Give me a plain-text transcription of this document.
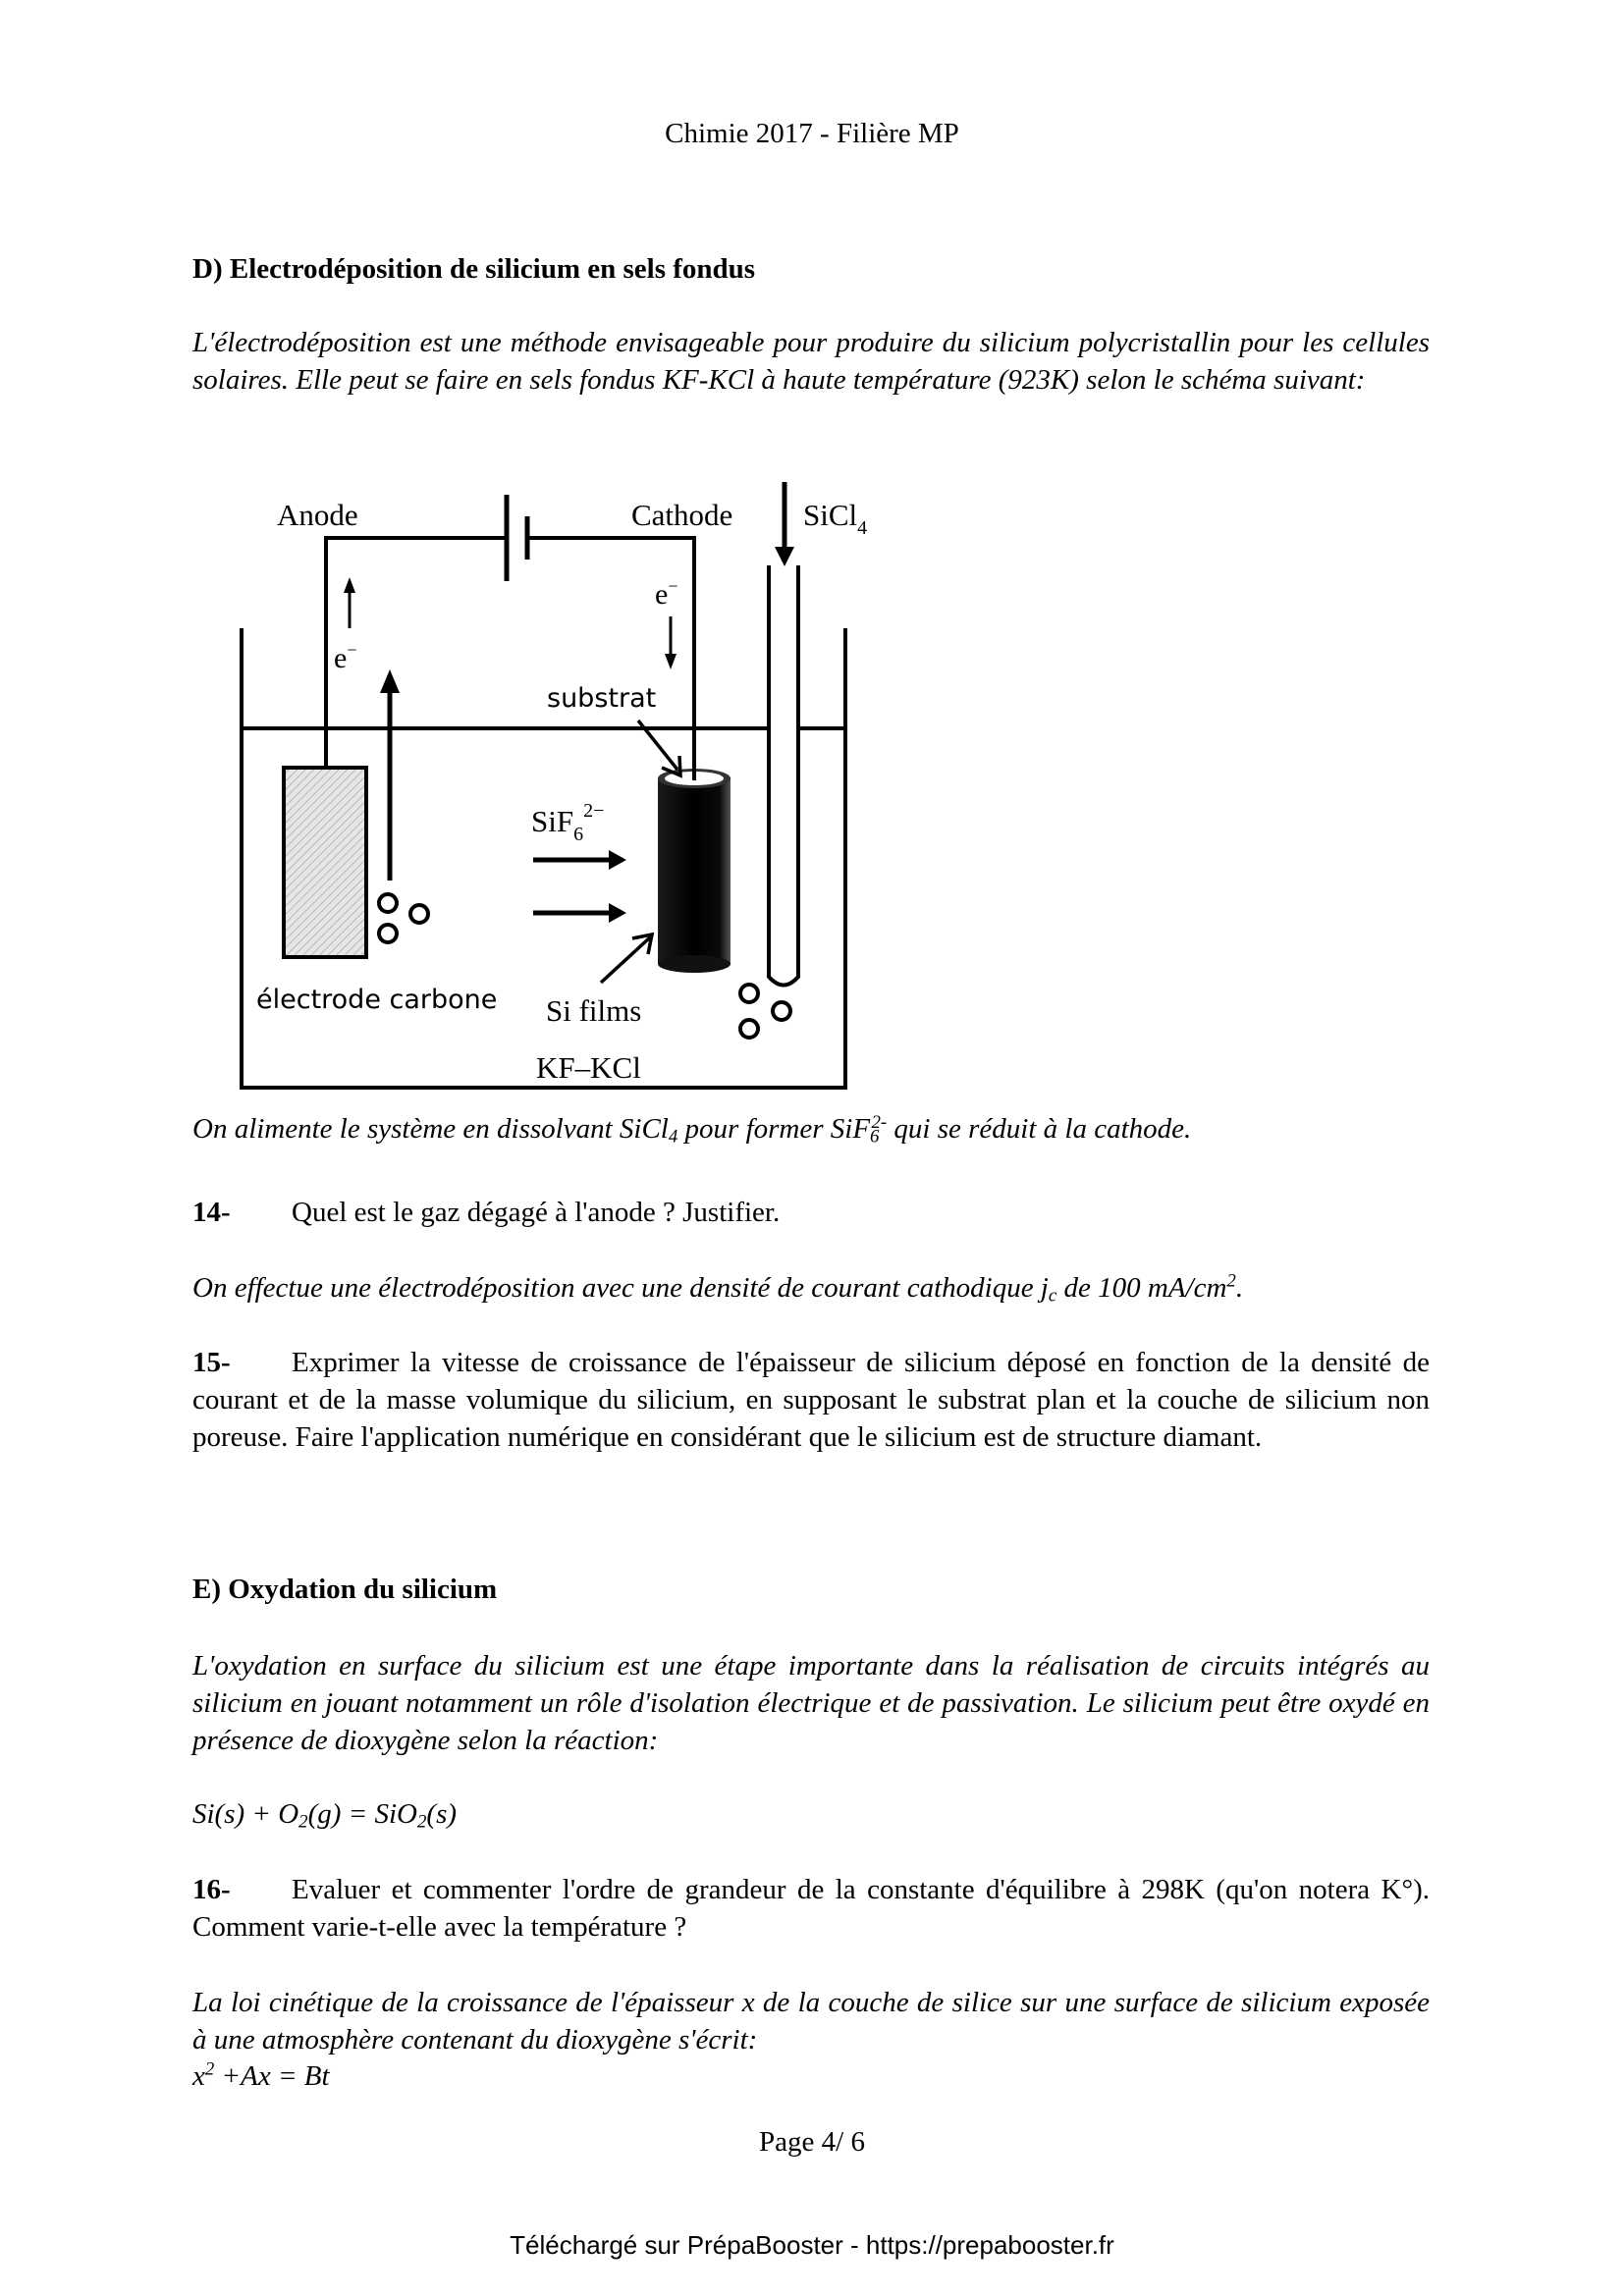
Chimie 2017 - Filière MP
D) Electrodéposition de silicium en sels fondus
L'électrodéposition est une méthode envisageable pour produire du silicium polycristallin pour les cellules solaires. Elle peut se faire en sels fondus KF-KCl à haute température (923K) selon le schéma suivant:
Anode	Cathode SiCl$_4$
e−
e−
substrat
SiF$_6^{2-}$
électrode carbone Si films
KF–KCl
On alimente le système en dissolvant SiCl$_4$ pour former SiF$_6^{2-}$ qui se réduit à la cathode.
14- Quel est le gaz dégagé à l'anode ? Justifier.
On effectue une électrodéposition avec une densité de courant cathodique $j_c$ de 100 $mA/cm^2$.
15- Exprimer la vitesse de croissance de l'épaisseur de silicium déposé en fonction de la densité de courant et de la masse volumique du silicium, en supposant le substrat plan et la couche de silicium non poreuse. Faire l'application numérique en considérant que le silicium est de structure diamant.
E) Oxydation du silicium
L'oxydation en surface du silicium est une étape importante dans la réalisation de circuits intégrés au silicium en jouant notamment un rôle d'isolation électrique et de passivation. Le silicium peut être oxydé en présence de dioxygène selon la réaction:
$Si(s) + O_2(g) = SiO_2(s)$
16- Evaluer et commenter l'ordre de grandeur de la constante d'équilibre à 298K (qu'on notera K°). Comment varie-t-elle avec la température ?
La loi cinétique de la croissance de l'épaisseur x de la couche de silice sur une surface de silicium exposée à une atmosphère contenant du dioxygène s'écrit:
$x^2 +Ax = Bt$
Page 4/ 6
Téléchargé sur PrépaBooster - https://prepabooster.fr
